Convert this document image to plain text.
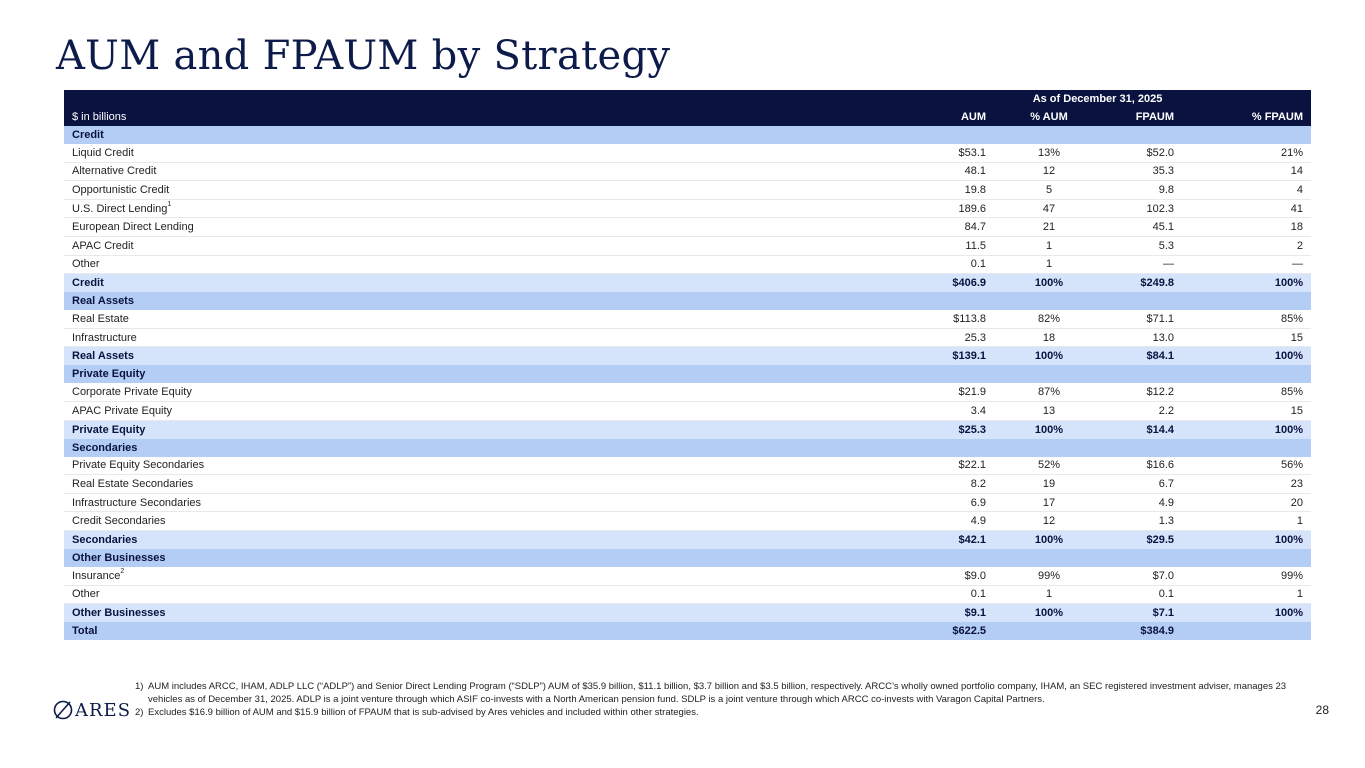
AUM and FPAUM by Strategy
	As of December 31, 2025			
$ in billions	AUM	% AUM	FPAUM	% FPAUM
Credit				
Liquid Credit	$53.1	13%	$52.0	21%
Alternative Credit	48.1	12	35.3	14
Opportunistic Credit	19.8	5	9.8	4
U.S. Direct Lending$^1$	189.6	47	102.3	41
European Direct Lending	84.7	21	45.1	18
APAC Credit	11.5	1	5.3	2
Other	0.1	1	—	—
Credit	$406.9	100%	$249.8	100%
Real Assets				
Real Estate	$113.8	82%	$71.1	85%
Infrastructure	25.3	18	13.0	15
Real Assets	$139.1	100%	$84.1	100%
Private Equity				
Corporate Private Equity	$21.9	87%	$12.2	85%
APAC Private Equity	3.4	13	2.2	15
Private Equity	$25.3	100%	$14.4	100%
Secondaries				
Private Equity Secondaries	$22.1	52%	$16.6	56%
Real Estate Secondaries	8.2	19	6.7	23
Infrastructure Secondaries	6.9	17	4.9	20
Credit Secondaries	4.9	12	1.3	1
Secondaries	$42.1	100%	$29.5	100%
Other Businesses				
Insurance$^2$	$9.0	99%	$7.0	99%
Other	0.1	1	0.1	1
Other Businesses	$9.1	100%	$7.1	100%
Total	$622.5		$384.9	
1) AUM includes ARCC, IHAM, ADLP LLC (“ADLP”) and Senior Direct Lending Program (“SDLP”) AUM of $35.9 billion, $11.1 billion, $3.7 billion and $3.5 billion, respectively. ARCC’s wholly owned portfolio company, IHAM, an SEC registered investment adviser, manages 23 vehicles as of December 31, 2025. ADLP is a joint venture through which ASIF co-invests with a North American pension fund. SDLP is a joint venture through which ARCC co-invests with Varagon Capital Partners.
2) Excludes $16.9 billion of AUM and $15.9 billion of FPAUM that is sub-advised by Ares vehicles and included within other strategies.
ARES	28
